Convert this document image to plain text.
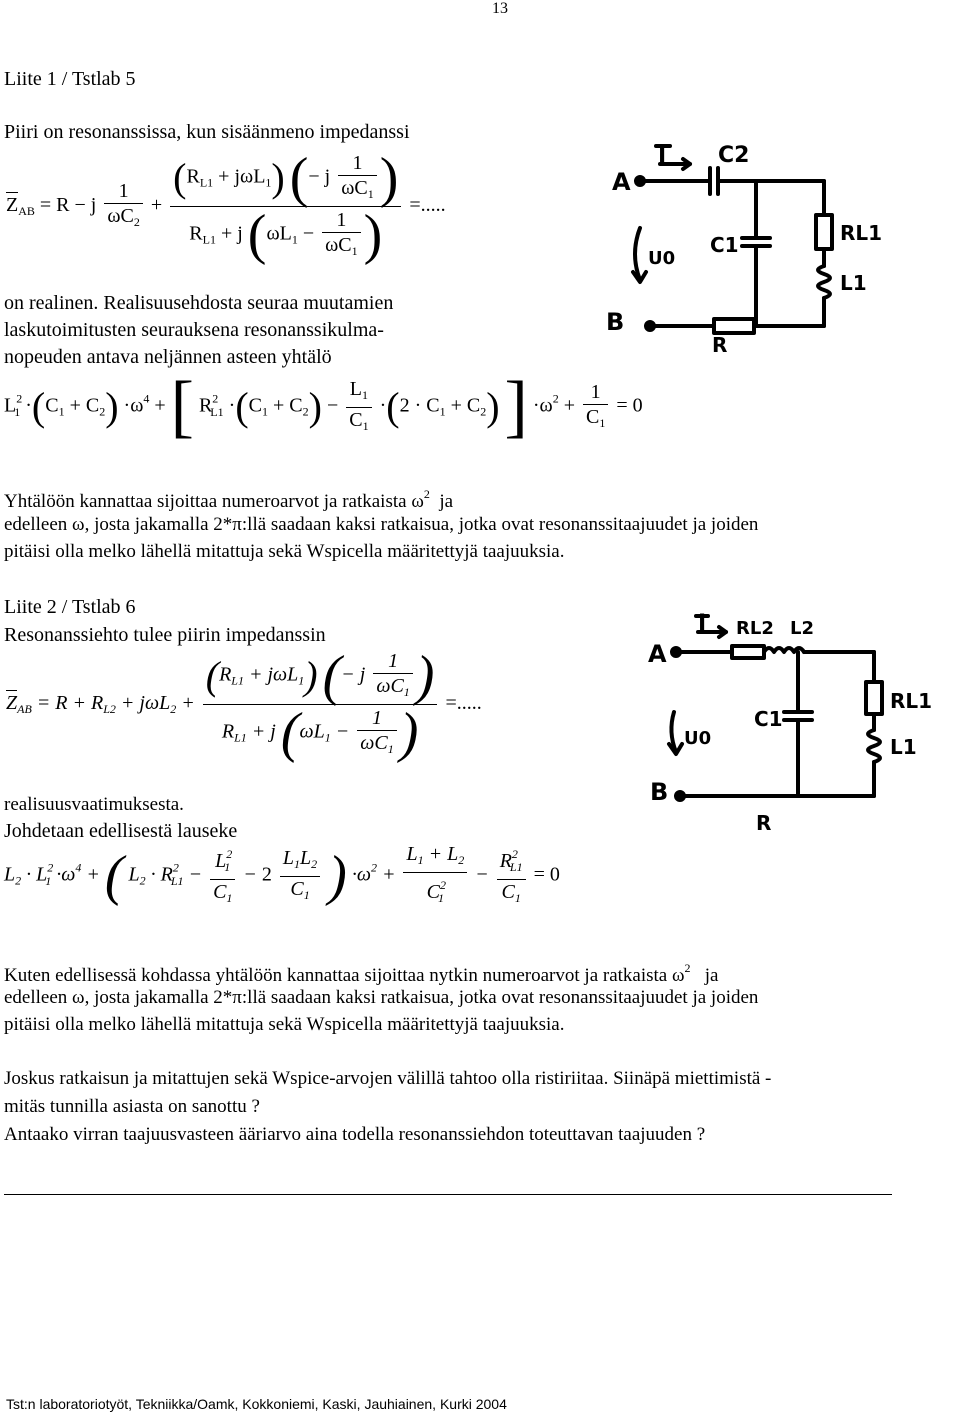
13
Liite 1 / Tstlab 5
Piiri on resonanssissa, kun sisäänmeno impedanssi
$Z_{AB} = R - j \frac{1}{\omega C_2} + \frac{(R_{L1} + j\omega L_1) (- j \frac{1}{\omega C_1} )}{R_{L1} + j (\omega L_1 - \frac{1}{\omega C_1} )}$ =.....
on realinen. Realisuusehdosta seuraa muutamien
laskutoimitusten seurauksena resonanssikulma-
nopeuden antava neljännen asteen yhtälö
$L^2_1 \cdot(C_1 + C_2) \cdot\omega^4$ + [ $R^2_{L1} \cdot(C_1 + C_2) - \frac{L_1}{C_1} \cdot(2 \cdot C_1 + C_2)$ ] $\cdot\omega^2 + \frac{1}{C_1} = 0$
Yhtälöön kannattaa sijoittaa numeroarvot ja ratkaista $\omega^2$ ja
edelleen ω, josta jakamalla 2*π:llä saadaan kaksi ratkaisua, jotka ovat resonanssitaajuudet ja joiden
pitäisi olla melko lähellä mitattuja sekä Wspicella määritettyjä taajuuksia.
Liite 2 / Tstlab 6
Resonanssiehto tulee piirin impedanssin
$Z_{AB} = R + R_{L2} + j\omega L_2 + \frac{(R_{L1} + j\omega L_1) (- j \frac{1}{\omega C_1} )}{R_{L1} + j (\omega L_1 - \frac{1}{\omega C_1} )}$ =.....
realisuusvaatimuksesta.
Johdetaan edellisestä lauseke
$L_2 \cdot L^2_1 \cdot\omega^4$ + ( $L_2 \cdot R^2_{L1} - \frac{L^2_1}{C_1} - 2 \frac{L_1L_2}{C_1}$ ) $\cdot\omega^2 + \frac{L_1 + L_2}{C^2_1} - \frac{R^2_{L1}}{C_1} = 0$
Kuten edellisessä kohdassa yhtälöön kannattaa sijoittaa nytkin numeroarvot ja ratkaista $\omega^2$ ja
edelleen ω, josta jakamalla 2*π:llä saadaan kaksi ratkaisua, jotka ovat resonanssitaajuudet ja joiden
pitäisi olla melko lähellä mitattuja sekä Wspicella määritettyjä taajuuksia.
Joskus ratkaisun ja mitattujen sekä Wspice-arvojen välillä tahtoo olla ristiriitaa. Siinäpä miettimistä -
mitäs tunnilla asiasta on sanottu ?
Antaako virran taajuusvasteen ääriarvo aina todella resonanssiehdon toteuttavan taajuuden ?
A
B
I C2
C1	RL1
L1
R
U0
A
B
I RL2 L2
C1
RL1
L1
R
U0
Tst:n laboratoriotyöt, Tekniikka/Oamk, Kokkoniemi, Kaski, Jauhiainen, Kurki 2004
